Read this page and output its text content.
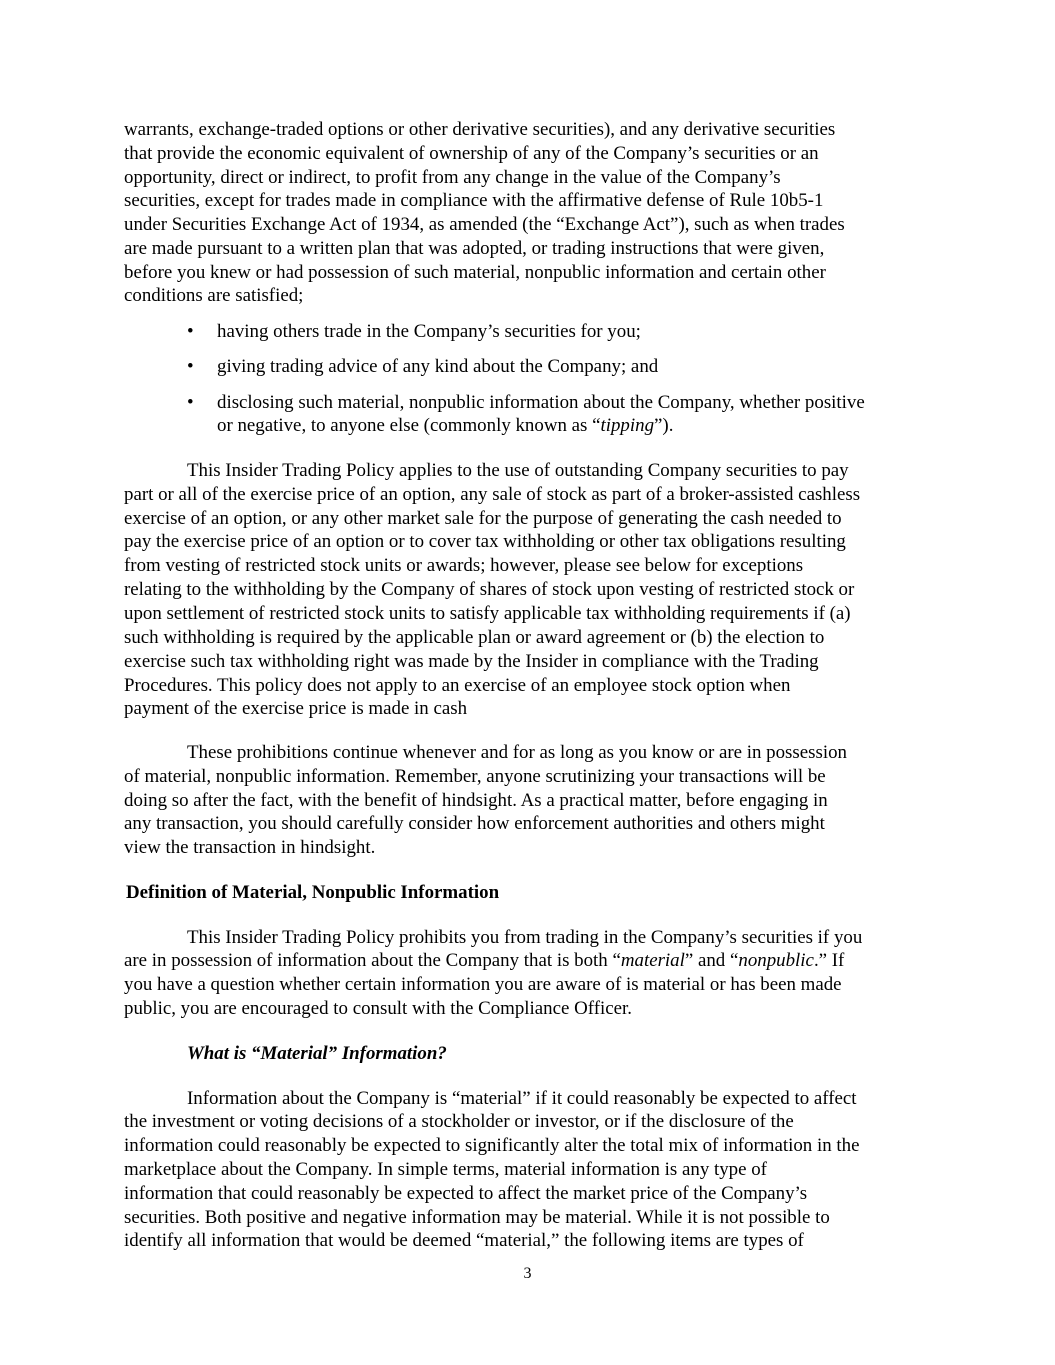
warrants, exchange-traded options or other derivative securities), and any derivative securities
that provide the economic equivalent of ownership of any of the Company’s securities or an
opportunity, direct or indirect, to profit from any change in the value of the Company’s
securities, except for trades made in compliance with the affirmative defense of Rule 10b5-1
under Securities Exchange Act of 1934, as amended (the “Exchange Act”), such as when trades
are made pursuant to a written plan that was adopted, or trading instructions that were given,
before you knew or had possession of such material, nonpublic information and certain other
conditions are satisfied;
• having others trade in the Company’s securities for you;
• giving trading advice of any kind about the Company; and
• disclosing such material, nonpublic information about the Company, whether positive
or negative, to anyone else (commonly known as “tipping”).
This Insider Trading Policy applies to the use of outstanding Company securities to pay
part or all of the exercise price of an option, any sale of stock as part of a broker-assisted cashless
exercise of an option, or any other market sale for the purpose of generating the cash needed to
pay the exercise price of an option or to cover tax withholding or other tax obligations resulting
from vesting of restricted stock units or awards; however, please see below for exceptions
relating to the withholding by the Company of shares of stock upon vesting of restricted stock or
upon settlement of restricted stock units to satisfy applicable tax withholding requirements if (a)
such withholding is required by the applicable plan or award agreement or (b) the election to
exercise such tax withholding right was made by the Insider in compliance with the Trading
Procedures. This policy does not apply to an exercise of an employee stock option when
payment of the exercise price is made in cash
These prohibitions continue whenever and for as long as you know or are in possession
of material, nonpublic information. Remember, anyone scrutinizing your transactions will be
doing so after the fact, with the benefit of hindsight. As a practical matter, before engaging in
any transaction, you should carefully consider how enforcement authorities and others might
view the transaction in hindsight.
Definition of Material, Nonpublic Information
This Insider Trading Policy prohibits you from trading in the Company’s securities if you
are in possession of information about the Company that is both “material” and “nonpublic.” If
you have a question whether certain information you are aware of is material or has been made
public, you are encouraged to consult with the Compliance Officer.
What is “Material” Information?
Information about the Company is “material” if it could reasonably be expected to affect
the investment or voting decisions of a stockholder or investor, or if the disclosure of the
information could reasonably be expected to significantly alter the total mix of information in the
marketplace about the Company. In simple terms, material information is any type of
information that could reasonably be expected to affect the market price of the Company’s
securities. Both positive and negative information may be material. While it is not possible to
identify all information that would be deemed “material,” the following items are types of
3
